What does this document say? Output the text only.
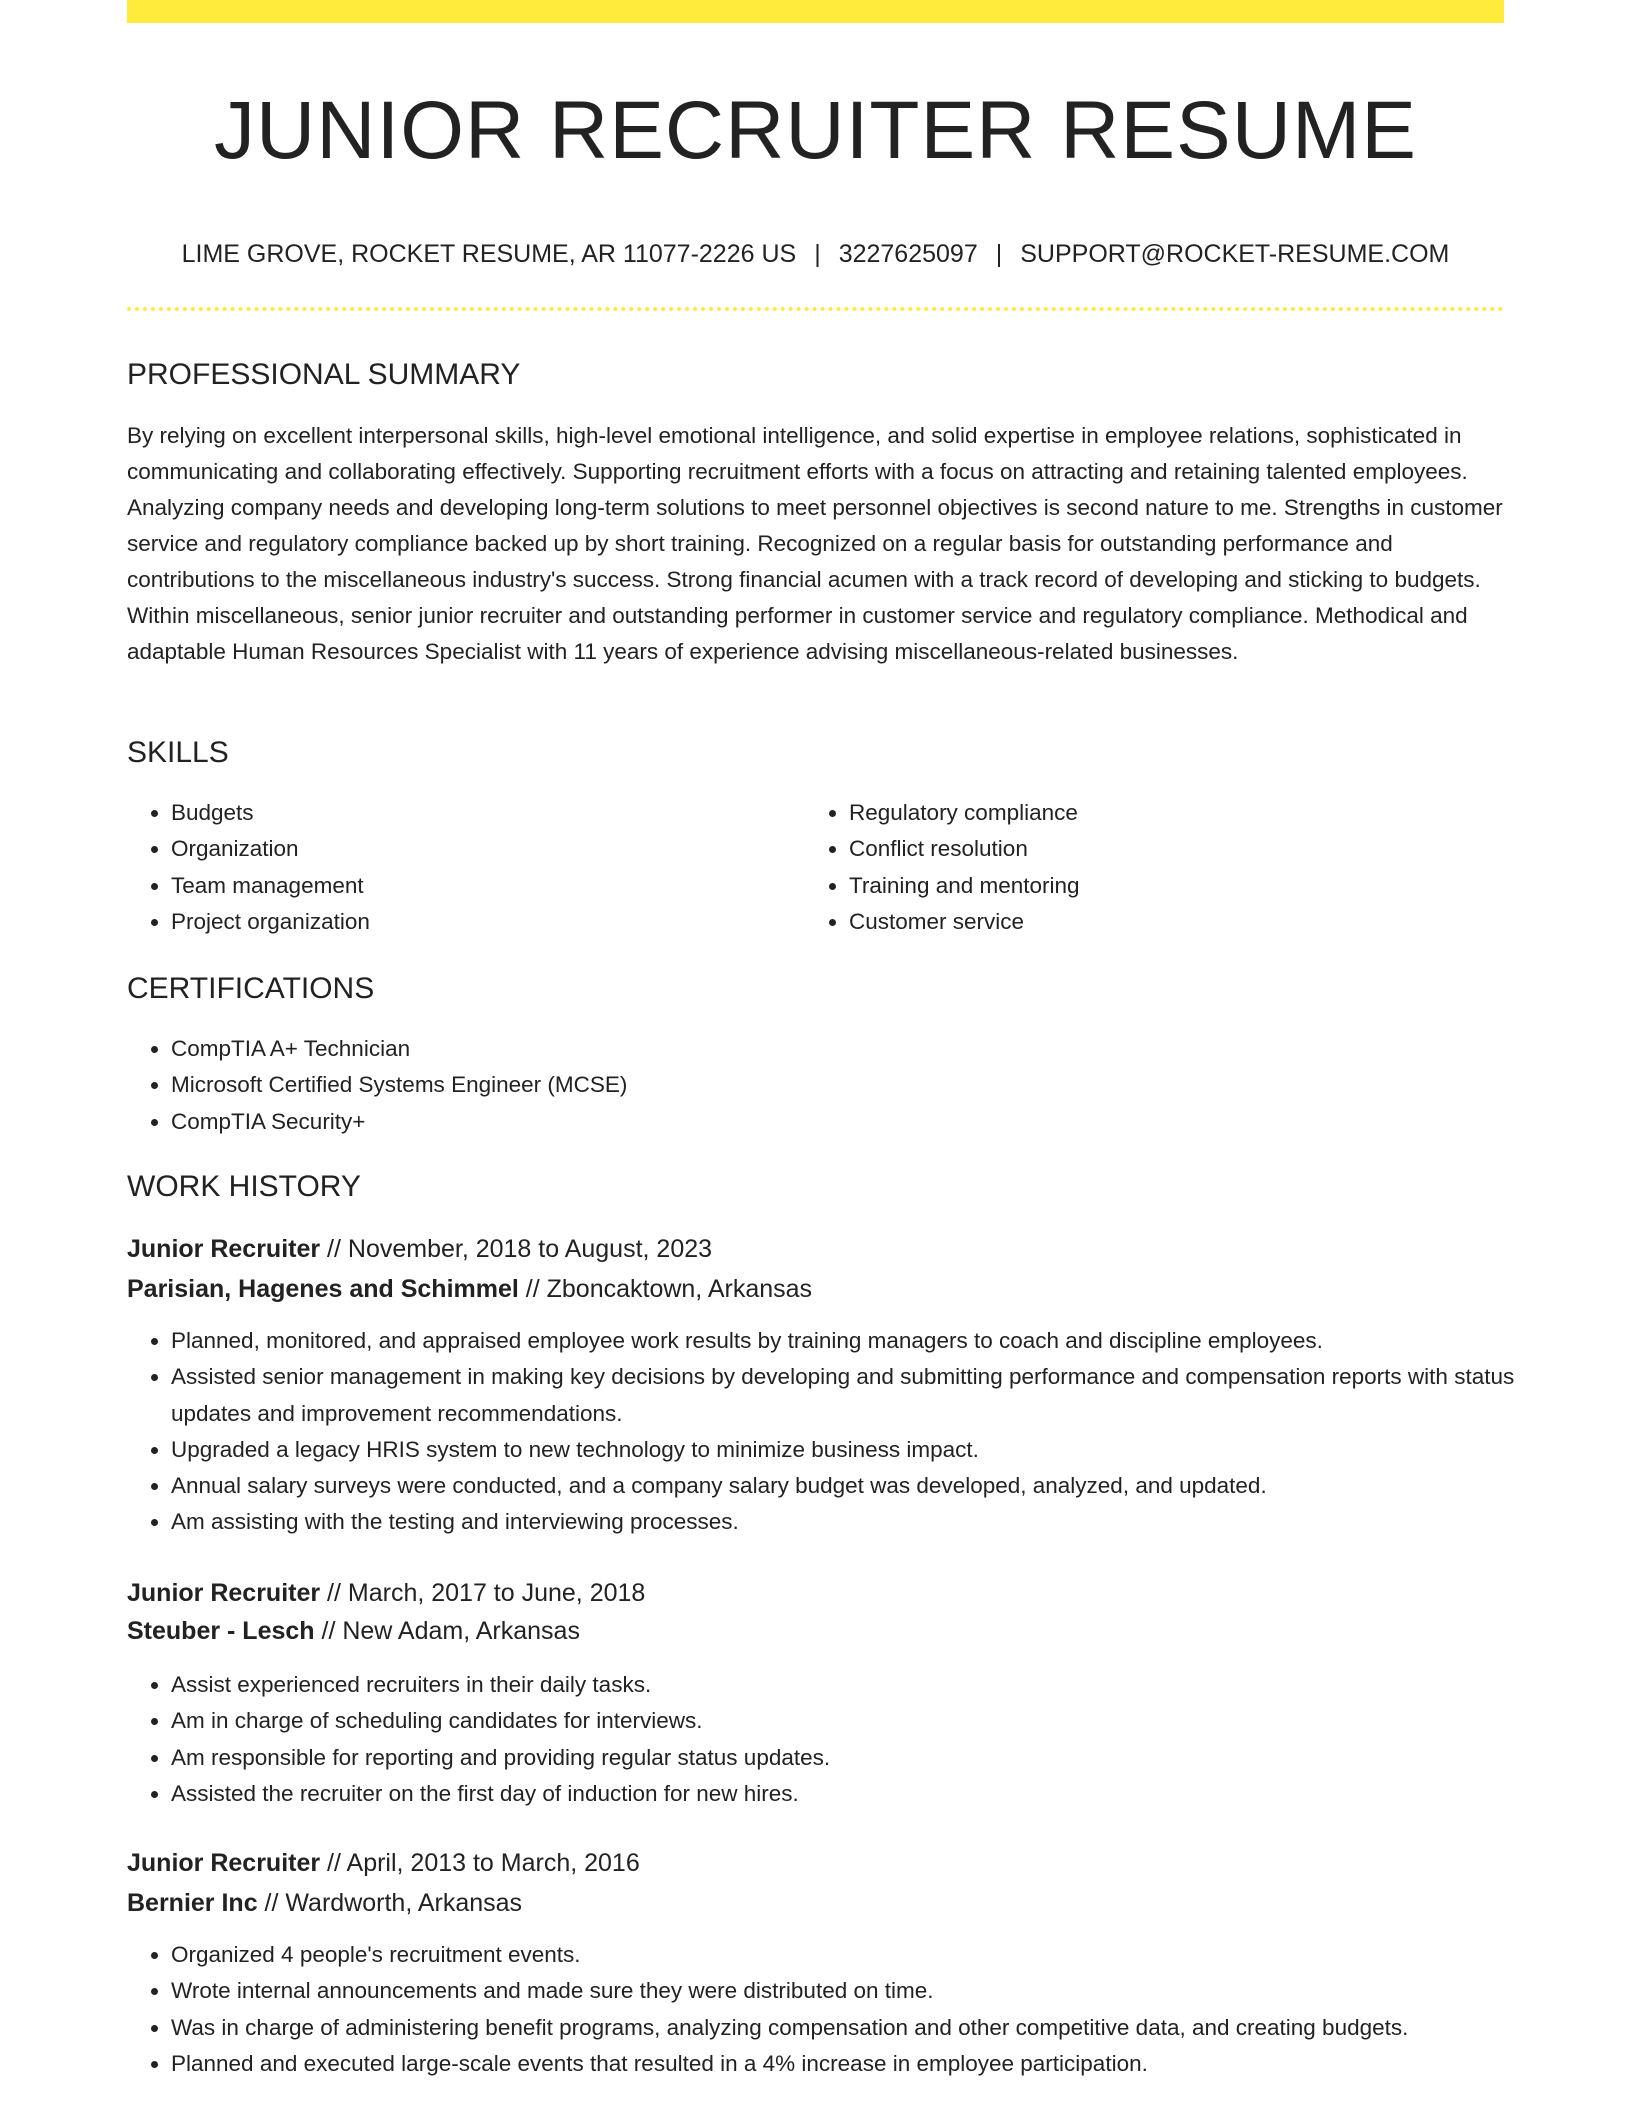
JUNIOR RECRUITER RESUME
LIME GROVE, ROCKET RESUME, AR 11077-2226 US | 3227625097 | SUPPORT@ROCKET-RESUME.COM
PROFESSIONAL SUMMARY

By relying on excellent interpersonal skills, high-level emotional intelligence, and solid expertise in employee relations, sophisticated in communicating and collaborating effectively. Supporting recruitment efforts with a focus on attracting and retaining talented employees. Analyzing company needs and developing long-term solutions to meet personnel objectives is second nature to me. Strengths in customer service and regulatory compliance backed up by short training. Recognized on a regular basis for outstanding performance and contributions to the miscellaneous industry's success. Strong financial acumen with a track record of developing and sticking to budgets. Within miscellaneous, senior junior recruiter and outstanding performer in customer service and regulatory compliance. Methodical and adaptable Human Resources Specialist with 11 years of experience advising miscellaneous-related businesses.

SKILLS
• Budgets
• Organization
• Team management
• Project organization
• Regulatory compliance
• Conflict resolution
• Training and mentoring
• Customer service
CERTIFICATIONS
• CompTIA A+ Technician
• Microsoft Certified Systems Engineer (MCSE)
• CompTIA Security+
WORK HISTORY
Junior Recruiter // November, 2018 to August, 2023
Parisian, Hagenes and Schimmel // Zboncaktown, Arkansas
• Planned, monitored, and appraised employee work results by training managers to coach and discipline employees.
• Assisted senior management in making key decisions by developing and submitting performance and compensation reports with status updates and improvement recommendations.
• Upgraded a legacy HRIS system to new technology to minimize business impact.
• Annual salary surveys were conducted, and a company salary budget was developed, analyzed, and updated.
• Am assisting with the testing and interviewing processes.
Junior Recruiter // March, 2017 to June, 2018
Steuber - Lesch // New Adam, Arkansas
• Assist experienced recruiters in their daily tasks.
• Am in charge of scheduling candidates for interviews.
• Am responsible for reporting and providing regular status updates.
• Assisted the recruiter on the first day of induction for new hires.
Junior Recruiter // April, 2013 to March, 2016
Bernier Inc // Wardworth, Arkansas
• Organized 4 people's recruitment events.
• Wrote internal announcements and made sure they were distributed on time.
• Was in charge of administering benefit programs, analyzing compensation and other competitive data, and creating budgets.
• Planned and executed large-scale events that resulted in a 4% increase in employee participation.
